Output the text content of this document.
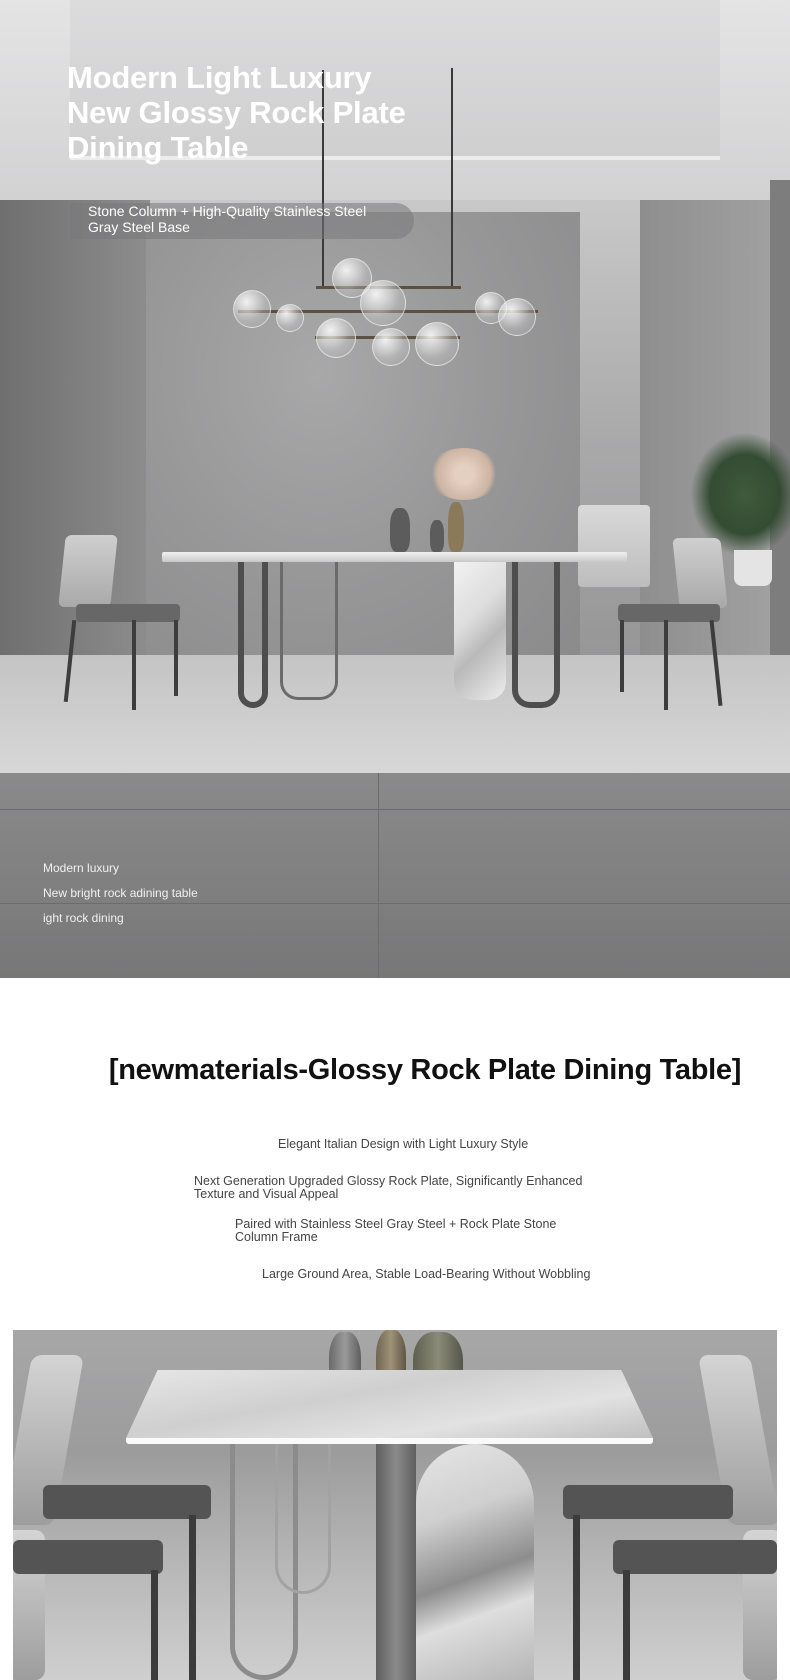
Modern Light Luxury
New Glossy Rock Plate
Dining Table
Stone Column + High-Quality Stainless Steel
Gray Steel Base
Modern luxury
New bright rock adining table
ight rock dining
[newmaterials-Glossy Rock Plate Dining Table]
Elegant Italian Design with Light Luxury Style
Next Generation Upgraded Glossy Rock Plate, Significantly Enhanced
Texture and Visual Appeal
Paired with Stainless Steel Gray Steel + Rock Plate Stone
Column Frame
Large Ground Area, Stable Load-Bearing Without Wobbling
